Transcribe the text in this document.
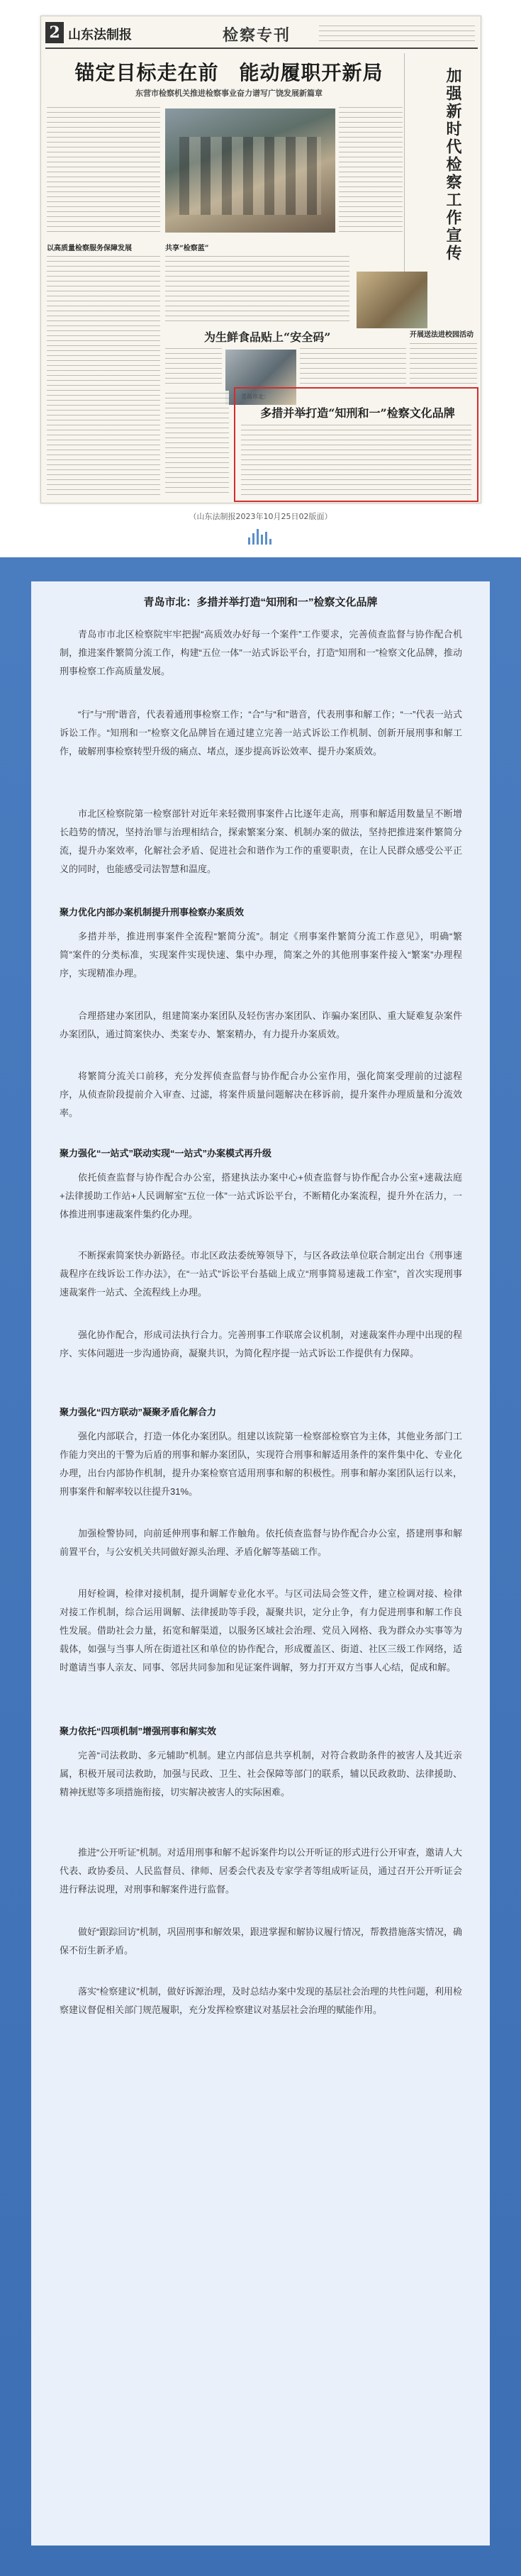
2 山东法制报	检察专刊
锚定目标走在前　能动履职开新局
东营市检察机关推进检察事业奋力谱写广饶发展新篇章	加强新时代检察工作宣传
以高质量检察服务保障发展	共享“检察蓝”
开展送法进校园活动
为生鲜食品贴上“安全码”
青岛市北：
多措并举打造“知刑和一”检察文化品牌
（山东法制报2023年10月25日02版面）
青岛市北：多措并举打造“知刑和一”检察文化品牌

青岛市市北区检察院牢牢把握“高质效办好每一个案件”工作要求，完善侦查监督与协作配合机制，推进案件繁简分流工作，构建“五位一体”一站式诉讼平台，打造“知刑和一”检察文化品牌，推动刑事检察工作高质量发展。

“行”与“刑”谐音，代表着通刑事检察工作；“合”与“和”谐音，代表刑事和解工作；“一”代表一站式诉讼工作。“知刑和一”检察文化品牌旨在通过建立完善一站式诉讼工作机制、创新开展刑事和解工作，破解刑事检察转型升级的痛点、堵点，逐步提高诉讼效率、提升办案质效。

市北区检察院第一检察部针对近年来轻微刑事案件占比逐年走高，刑事和解适用数量呈不断增长趋势的情况，坚持治罪与治理相结合，探索繁案分案、机制办案的做法，坚持把推进案件繁简分流，提升办案效率，化解社会矛盾、促进社会和谐作为工作的重要职责，在让人民群众感受公平正义的同时，也能感受司法智慧和温度。

聚力优化内部办案机制提升刑事检察办案质效

多措并举，推进刑事案件全流程“繁简分流”。制定《刑事案件繁简分流工作意见》，明确“繁简”案件的分类标准，实现案件实现快速、集中办理，简案之外的其他刑事案件接入“繁案”办理程序，实现精准办理。

合理搭建办案团队，组建简案办案团队及轻伤害办案团队、诈骗办案团队、重大疑难复杂案件办案团队，通过简案快办、类案专办、繁案精办，有力提升办案质效。

将繁简分流关口前移，充分发挥侦查监督与协作配合办公室作用，强化简案受理前的过滤程序，从侦查阶段提前介入审查、过滤，将案件质量问题解决在移诉前，提升案件办理质量和分流效率。

聚力强化“一站式”联动实现“一站式”办案模式再升级

依托侦查监督与协作配合办公室，搭建执法办案中心+侦查监督与协作配合办公室+速裁法庭+法律援助工作站+人民调解室“五位一体”一站式诉讼平台，不断精化办案流程，提升外在活力，一体推进刑事速裁案件集约化办理。

不断探索简案快办新路径。市北区政法委统筹领导下，与区各政法单位联合制定出台《刑事速裁程序在线诉讼工作办法》，在“一站式”诉讼平台基础上成立“刑事简易速裁工作室”，首次实现刑事速裁案件一站式、全流程线上办理。

强化协作配合，形成司法执行合力。完善刑事工作联席会议机制，对速裁案件办理中出现的程序、实体问题进一步沟通协商，凝聚共识，为简化程序提一站式诉讼工作提供有力保障。

聚力强化“四方联动”凝聚矛盾化解合力

强化内部联合，打造一体化办案团队。组建以该院第一检察部检察官为主体，其他业务部门工作能力突出的干警为后盾的刑事和解办案团队，实现符合刑事和解适用条件的案件集中化、专业化办理，出台内部协作机制，提升办案检察官适用刑事和解的积极性。刑事和解办案团队运行以来，刑事案件和解率较以往提升31%。

加强检警协同，向前延伸刑事和解工作触角。依托侦查监督与协作配合办公室，搭建刑事和解前置平台，与公安机关共同做好源头治理、矛盾化解等基础工作。

用好检调，检律对接机制，提升调解专业化水平。与区司法局会签文件，建立检调对接、检律对接工作机制，综合运用调解、法律援助等手段，凝聚共识，定分止争，有力促进刑事和解工作良性发展。借助社会力量，拓宽和解渠道，以服务区域社会治理、党员入网格、我为群众办实事等为载体，如强与当事人所在街道社区和单位的协作配合，形成覆盖区、街道、社区三级工作网络，适时邀请当事人亲友、同事、邻居共同参加和见证案件调解，努力打开双方当事人心结，促成和解。

聚力依托“四项机制”增强刑事和解实效

完善“司法救助、多元辅助”机制。建立内部信息共享机制，对符合救助条件的被害人及其近亲属，积极开展司法救助，加强与民政、卫生、社会保障等部门的联系，辅以民政救助、法律援助、精神抚慰等多项措施衔接，切实解决被害人的实际困难。

推进“公开听证”机制。对适用刑事和解不起诉案件均以公开听证的形式进行公开审查，邀请人大代表、政协委员、人民监督员、律师、居委会代表及专家学者等组成听证员，通过召开公开听证会进行释法说理，对刑事和解案件进行监督。

做好“跟踪回访”机制，巩固刑事和解效果，跟进掌握和解协议履行情况，帮教措施落实情况，确保不衍生新矛盾。

落实“检察建议”机制，做好诉源治理，及时总结办案中发现的基层社会治理的共性问题，利用检察建议督促相关部门规范履职，充分发挥检察建议对基层社会治理的赋能作用。
